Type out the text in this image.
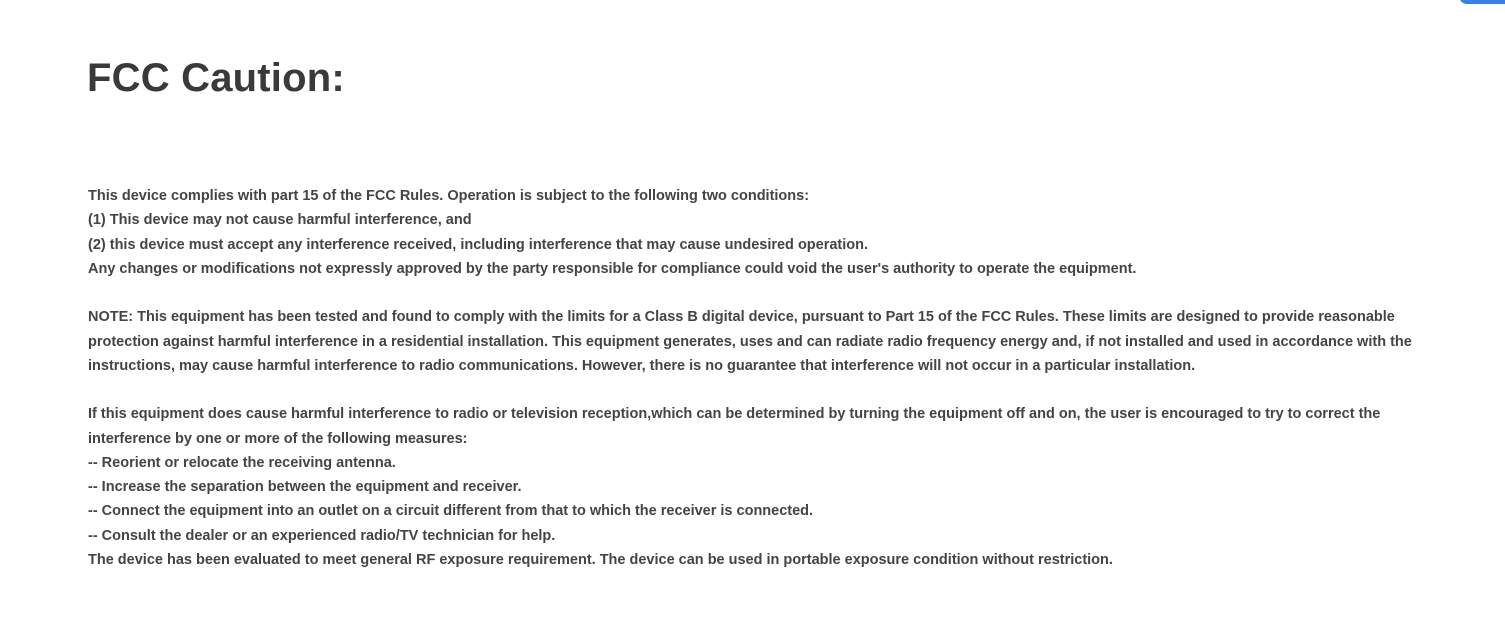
FCC Caution:

This device complies with part 15 of the FCC Rules. Operation is subject to the following two conditions:
(1) This device may not cause harmful interference, and
(2) this device must accept any interference received, including interference that may cause undesired operation.
Any changes or modifications not expressly approved by the party responsible for compliance could void the user's authority to operate the equipment.

NOTE: This equipment has been tested and found to comply with the limits for a Class B digital device, pursuant to Part 15 of the FCC Rules. These limits are designed to provide reasonable protection against harmful interference in a residential installation. This equipment generates, uses and can radiate radio frequency energy and, if not installed and used in accordance with the instructions, may cause harmful interference to radio communications. However, there is no guarantee that interference will not occur in a particular installation.

If this equipment does cause harmful interference to radio or television reception,which can be determined by turning the equipment off and on, the user is encouraged to try to correct the interference by one or more of the following measures:
-- Reorient or relocate the receiving antenna.
-- Increase the separation between the equipment and receiver.
-- Connect the equipment into an outlet on a circuit different from that to which the receiver is connected.
-- Consult the dealer or an experienced radio/TV technician for help.
The device has been evaluated to meet general RF exposure requirement. The device can be used in portable exposure condition without restriction.
